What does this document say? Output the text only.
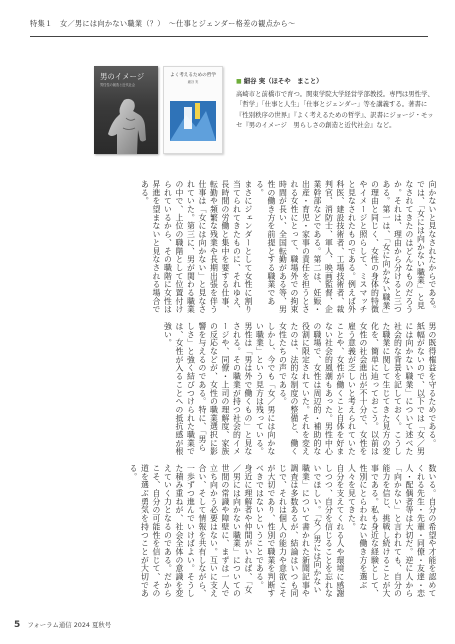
特集１　女／男には向かない職業（？）　〜仕事とジェンダー格差の観点から〜
男のイメージ
男性性の創造と近代社会
よく考えるための哲学
細谷 実	■ 細谷 実（ほそや　まこと）
高崎市と前橋市で育つ。関東学院大学経営学部教授。専門は男性学、「哲学」「仕事と人生」「仕事とジェンダー」等を講義する。著書に『性別秩序の世界』『よく考えるための哲学』、訳書にジョージ・モッセ『男のイメージ　男らしさの創造と近代社会』など。

向かないと見なされたからである。

では、「女には向かない職業」と見なされてきたのはどんなものだろうか。それは、理由から分けると三つある。第一は、「女に向かない職業」の理由と同じく、女性の身体的特徴やイメージと照らして、ミスマッチと見なされたものである。例えば外科医、建設技術者、工場技術者、裁判官、消防士、軍人、映画監督、企業幹部などである。第二は、妊娠・出産・育児・家事の責任を担うとされる女性にとって、職場外での拘束時間が長い、全国転勤がある等、男性の働き方を前提とする職業である。

まさにジェンダーとして女性に割り当てられてきたものに、それゆえ、長時間の労働と集中を要する仕事、転勤や頻繁な残業や長期出張を伴う仕事は「女には向かない」と見なされていた。第三に、男が関わる職業の中で、上位の職階として位置付けられているから、その職階に女性は昇進を望まないと見なされる場合である。

男の既得権益を守るためである。

紙幅がないので、以下では「女／男には向かない職業」について述べた社会的な背景を記しておく。こうした職業に関して生じてきた見方の変化を、簡単に辿っておこう。以前は女性の社会進出が不十分で、女性を雇う意義が乏しいと考えられていたことや、女性が働くこと自体を好まない社会的風潮もあった。男性中心の職場で、女性は周辺的・補助的な役割に限定されていた。それを変えたのは、法的な制度の整備と、働く女性たちの声である。

しかし、今でも「女／男には向かない職業」という見方は残っている。男性は「男は外で働くもの」と見なされる。その職業が持つ社会的イメージや、同僚・上司の理解度、家族の反応などが、女性の職業選択に影響を与えるのである。特に、「男らしさ」と強く結びつけられた職業では、女性が入ることへの抵抗感が根強い。

数いる。自分の希望や才能を認めてくれる先生・先輩・同僚・友達・恋人・配偶者等は大切だ。逆に人から「向かない」と言われても、自分の能力を信じ、挑戦し続けることが大事である。私も身近な経験として、性別にとらわれない働き方を選ぶ人々を見てきた。

自分を支えてくれる人や環境に感謝しつつ、自分を信じることを忘れないでほしい。「女／男には向かない職業」について書かれた新聞記事や調査は多数あるが、結論はいつも同じで、それは個人の能力や意欲こそが大切であり、性別で職業を判断すべきではないということである。

身近に理解者や仲間がいれば、「女／男には向かない職業」についての世間の常識や障壁に、まずは一人で立ち向かう必要はない。互いに支え合い、そして情報を共有しながら、一歩ずつ進んでいけばよい。そうした積み重ねが、社会全体の意識を変えていく力となるのである。だからこそ、自分の可能性を信じて、その道を選ぶ勇気を持つことが大切である。

5 フォーラム通信 2024 夏秋号
